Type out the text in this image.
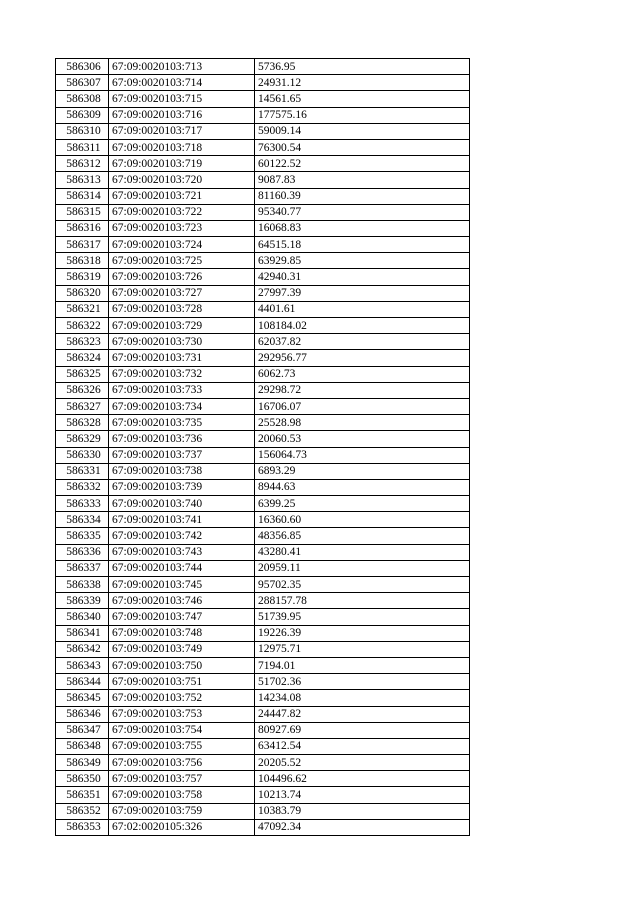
586306	67:09:0020103:713	5736.95
586307	67:09:0020103:714	24931.12
586308	67:09:0020103:715	14561.65
586309	67:09:0020103:716	177575.16
586310	67:09:0020103:717	59009.14
586311	67:09:0020103:718	76300.54
586312	67:09:0020103:719	60122.52
586313	67:09:0020103:720	9087.83
586314	67:09:0020103:721	81160.39
586315	67:09:0020103:722	95340.77
586316	67:09:0020103:723	16068.83
586317	67:09:0020103:724	64515.18
586318	67:09:0020103:725	63929.85
586319	67:09:0020103:726	42940.31
586320	67:09:0020103:727	27997.39
586321	67:09:0020103:728	4401.61
586322	67:09:0020103:729	108184.02
586323	67:09:0020103:730	62037.82
586324	67:09:0020103:731	292956.77
586325	67:09:0020103:732	6062.73
586326	67:09:0020103:733	29298.72
586327	67:09:0020103:734	16706.07
586328	67:09:0020103:735	25528.98
586329	67:09:0020103:736	20060.53
586330	67:09:0020103:737	156064.73
586331	67:09:0020103:738	6893.29
586332	67:09:0020103:739	8944.63
586333	67:09:0020103:740	6399.25
586334	67:09:0020103:741	16360.60
586335	67:09:0020103:742	48356.85
586336	67:09:0020103:743	43280.41
586337	67:09:0020103:744	20959.11
586338	67:09:0020103:745	95702.35
586339	67:09:0020103:746	288157.78
586340	67:09:0020103:747	51739.95
586341	67:09:0020103:748	19226.39
586342	67:09:0020103:749	12975.71
586343	67:09:0020103:750	7194.01
586344	67:09:0020103:751	51702.36
586345	67:09:0020103:752	14234.08
586346	67:09:0020103:753	24447.82
586347	67:09:0020103:754	80927.69
586348	67:09:0020103:755	63412.54
586349	67:09:0020103:756	20205.52
586350	67:09:0020103:757	104496.62
586351	67:09:0020103:758	10213.74
586352	67:09:0020103:759	10383.79
586353	67:02:0020105:326	47092.34
